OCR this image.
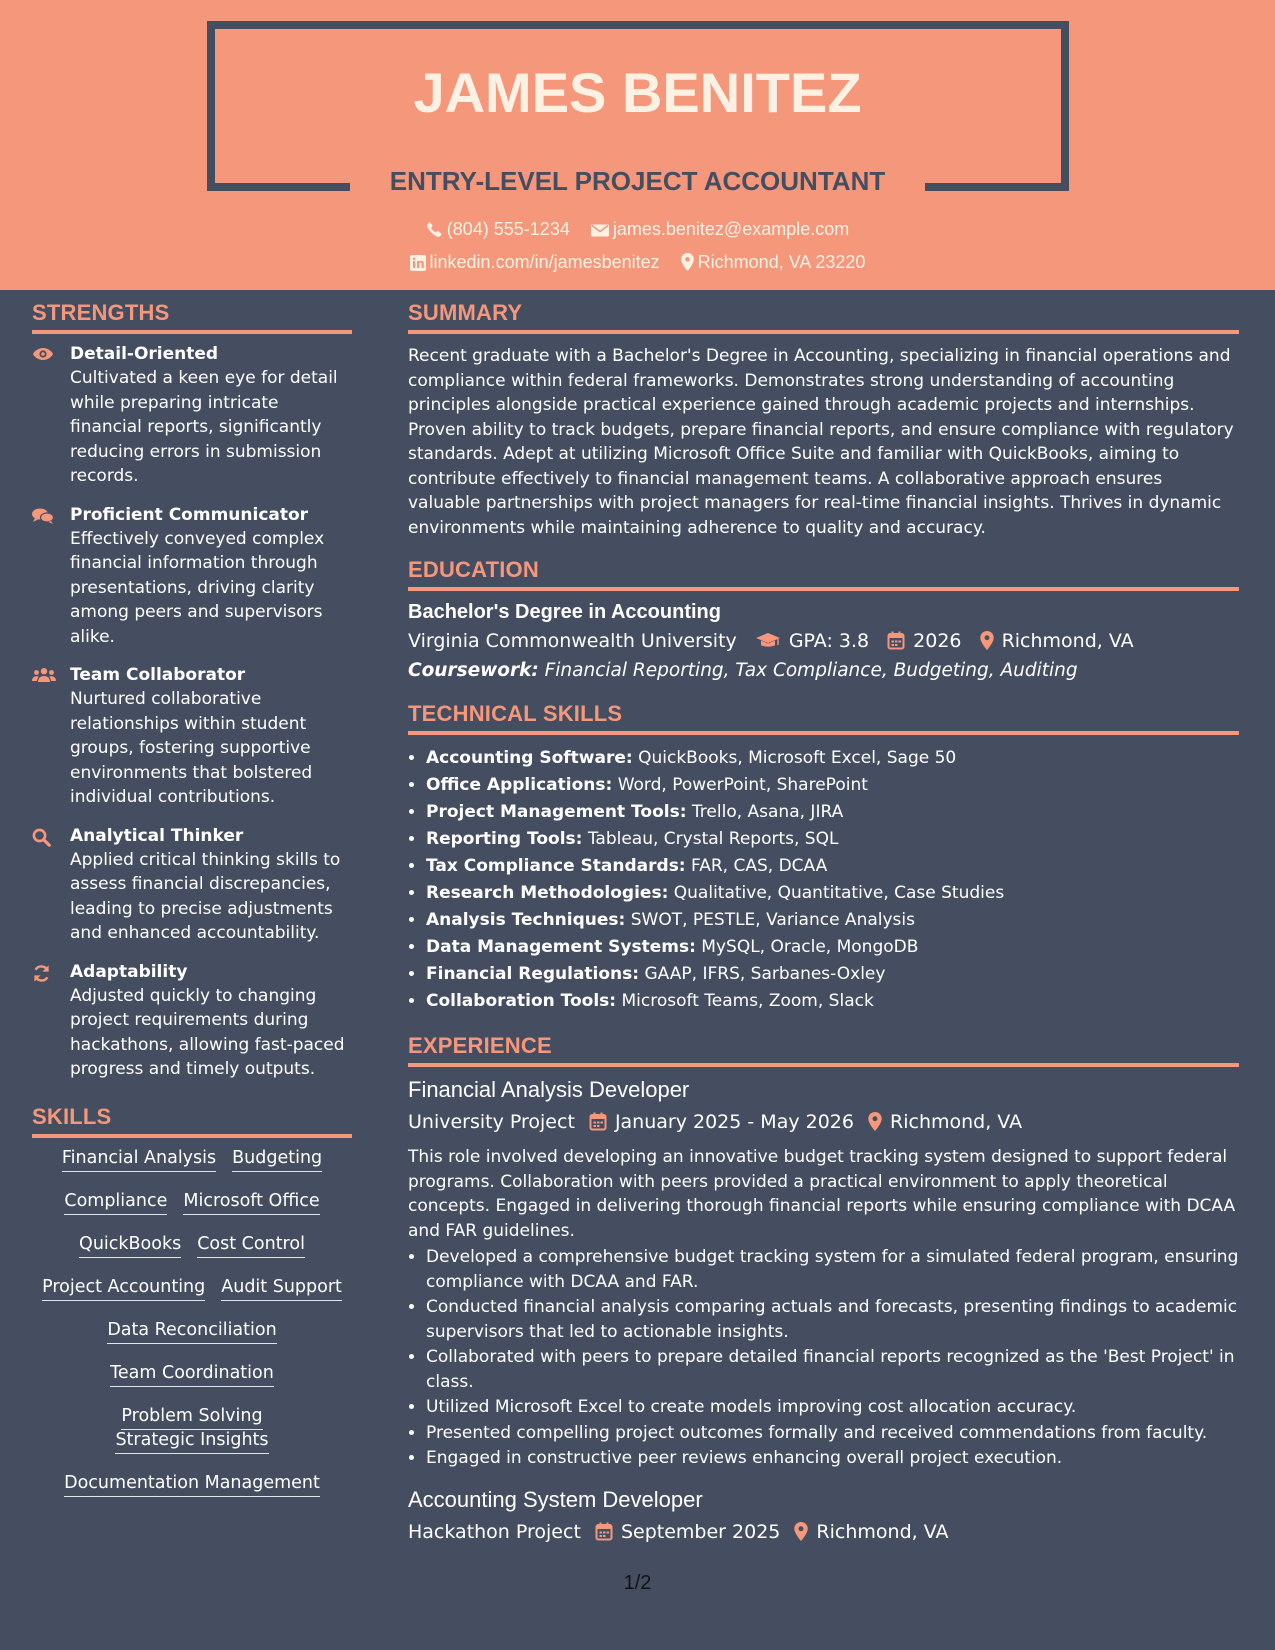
JAMES BENITEZ
ENTRY-LEVEL PROJECT ACCOUNTANT
(804) 555-1234 james.benitez@example.com
linkedin.com/in/jamesbenitez Richmond, VA 23220
STRENGTHS
Detail-Oriented
Cultivated a keen eye for detail while preparing intricate financial reports, significantly reducing errors in submission records.
Proficient Communicator
Effectively conveyed complex financial information through presentations, driving clarity among peers and supervisors alike.
Team Collaborator
Nurtured collaborative relationships within student groups, fostering supportive environments that bolstered individual contributions.
Analytical Thinker
Applied critical thinking skills to assess financial discrepancies, leading to precise adjustments and enhanced accountability.
Adaptability
Adjusted quickly to changing project requirements during hackathons, allowing fast-paced progress and timely outputs.
SKILLS
Financial Analysis Budgeting
Compliance Microsoft Office
QuickBooks Cost Control
Project Accounting Audit Support
Data Reconciliation
Team Coordination
Problem SolvingStrategic Insights
Documentation Management
SUMMARY
Recent graduate with a Bachelor's Degree in Accounting, specializing in financial operations and compliance within federal frameworks. Demonstrates strong understanding of accounting principles alongside practical experience gained through academic projects and internships. Proven ability to track budgets, prepare financial reports, and ensure compliance with regulatory standards. Adept at utilizing Microsoft Office Suite and familiar with QuickBooks, aiming to contribute effectively to financial management teams. A collaborative approach ensures valuable partnerships with project managers for real-time financial insights. Thrives in dynamic environments while maintaining adherence to quality and accuracy.
EDUCATION
Bachelor's Degree in Accounting
Virginia Commonwealth University	GPA: 3.8 2026 Richmond, VA
Coursework: Financial Reporting, Tax Compliance, Budgeting, Auditing
TECHNICAL SKILLS
• Accounting Software: QuickBooks, Microsoft Excel, Sage 50
• Office Applications: Word, PowerPoint, SharePoint
• Project Management Tools: Trello, Asana, JIRA
• Reporting Tools: Tableau, Crystal Reports, SQL
• Tax Compliance Standards: FAR, CAS, DCAA
• Research Methodologies: Qualitative, Quantitative, Case Studies
• Analysis Techniques: SWOT, PESTLE, Variance Analysis
• Data Management Systems: MySQL, Oracle, MongoDB
• Financial Regulations: GAAP, IFRS, Sarbanes-Oxley
• Collaboration Tools: Microsoft Teams, Zoom, Slack
EXPERIENCE
Financial Analysis Developer
University Project January 2025 - May 2026 Richmond, VA
This role involved developing an innovative budget tracking system designed to support federal programs. Collaboration with peers provided a practical environment to apply theoretical concepts. Engaged in delivering thorough financial reports while ensuring compliance with DCAA and FAR guidelines.
• Developed a comprehensive budget tracking system for a simulated federal program, ensuring compliance with DCAA and FAR.
• Conducted financial analysis comparing actuals and forecasts, presenting findings to academic supervisors that led to actionable insights.
• Collaborated with peers to prepare detailed financial reports recognized as the 'Best Project' in class.
• Utilized Microsoft Excel to create models improving cost allocation accuracy.
• Presented compelling project outcomes formally and received commendations from faculty.
• Engaged in constructive peer reviews enhancing overall project execution.
Accounting System Developer
Hackathon Project September 2025 Richmond, VA
1/2
